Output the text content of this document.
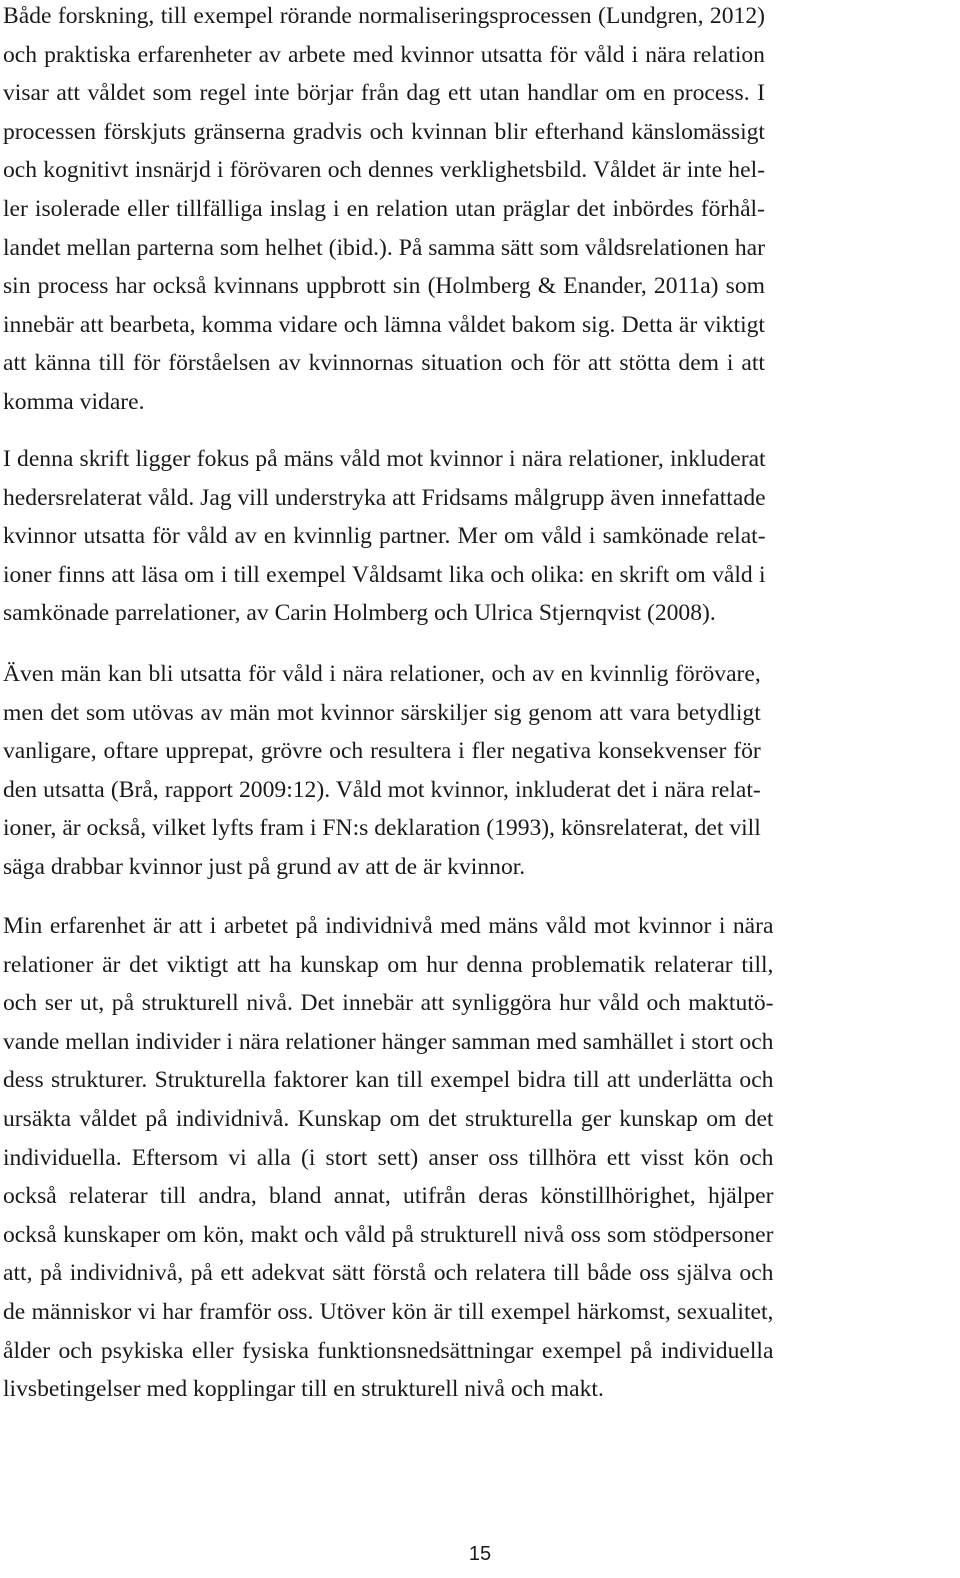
Både forskning, till exempel rörande normaliseringsprocessen (Lundgren, 2012)
och praktiska erfarenheter av arbete med kvinnor utsatta för våld i nära relation
visar att våldet som regel inte börjar från dag ett utan handlar om en process. I
processen förskjuts gränserna gradvis och kvinnan blir efterhand känslomässigt
och kognitivt insnärjd i förövaren och dennes verklighetsbild. Våldet är inte hel-
ler isolerade eller tillfälliga inslag i en relation utan präglar det inbördes förhål-
landet mellan parterna som helhet (ibid.). På samma sätt som våldsrelationen har
sin process har också kvinnans uppbrott sin (Holmberg & Enander, 2011a) som
innebär att bearbeta, komma vidare och lämna våldet bakom sig. Detta är viktigt
att känna till för förståelsen av kvinnornas situation och för att stötta dem i att
komma vidare.
I denna skrift ligger fokus på mäns våld mot kvinnor i nära relationer, inkluderat
hedersrelaterat våld. Jag vill understryka att Fridsams målgrupp även innefattade
kvinnor utsatta för våld av en kvinnlig partner. Mer om våld i samkönade relat-
ioner finns att läsa om i till exempel Våldsamt lika och olika: en skrift om våld i
samkönade parrelationer, av Carin Holmberg och Ulrica Stjernqvist (2008).
Även män kan bli utsatta för våld i nära relationer, och av en kvinnlig förövare,
men det som utövas av män mot kvinnor särskiljer sig genom att vara betydligt
vanligare, oftare upprepat, grövre och resultera i fler negativa konsekvenser för
den utsatta (Brå, rapport 2009:12). Våld mot kvinnor, inkluderat det i nära relat-
ioner, är också, vilket lyfts fram i FN:s deklaration (1993), könsrelaterat, det vill
säga drabbar kvinnor just på grund av att de är kvinnor.
Min erfarenhet är att i arbetet på individnivå med mäns våld mot kvinnor i nära
relationer är det viktigt att ha kunskap om hur denna problematik relaterar till,
och ser ut, på strukturell nivå. Det innebär att synliggöra hur våld och maktutö-
vande mellan individer i nära relationer hänger samman med samhället i stort och
dess strukturer. Strukturella faktorer kan till exempel bidra till att underlätta och
ursäkta våldet på individnivå. Kunskap om det strukturella ger kunskap om det
individuella. Eftersom vi alla (i stort sett) anser oss tillhöra ett visst kön och
också relaterar till andra, bland annat, utifrån deras könstillhörighet, hjälper
också kunskaper om kön, makt och våld på strukturell nivå oss som stödpersoner
att, på individnivå, på ett adekvat sätt förstå och relatera till både oss själva och
de människor vi har framför oss. Utöver kön är till exempel härkomst, sexualitet,
ålder och psykiska eller fysiska funktionsnedsättningar exempel på individuella
livsbetingelser med kopplingar till en strukturell nivå och makt.
15
